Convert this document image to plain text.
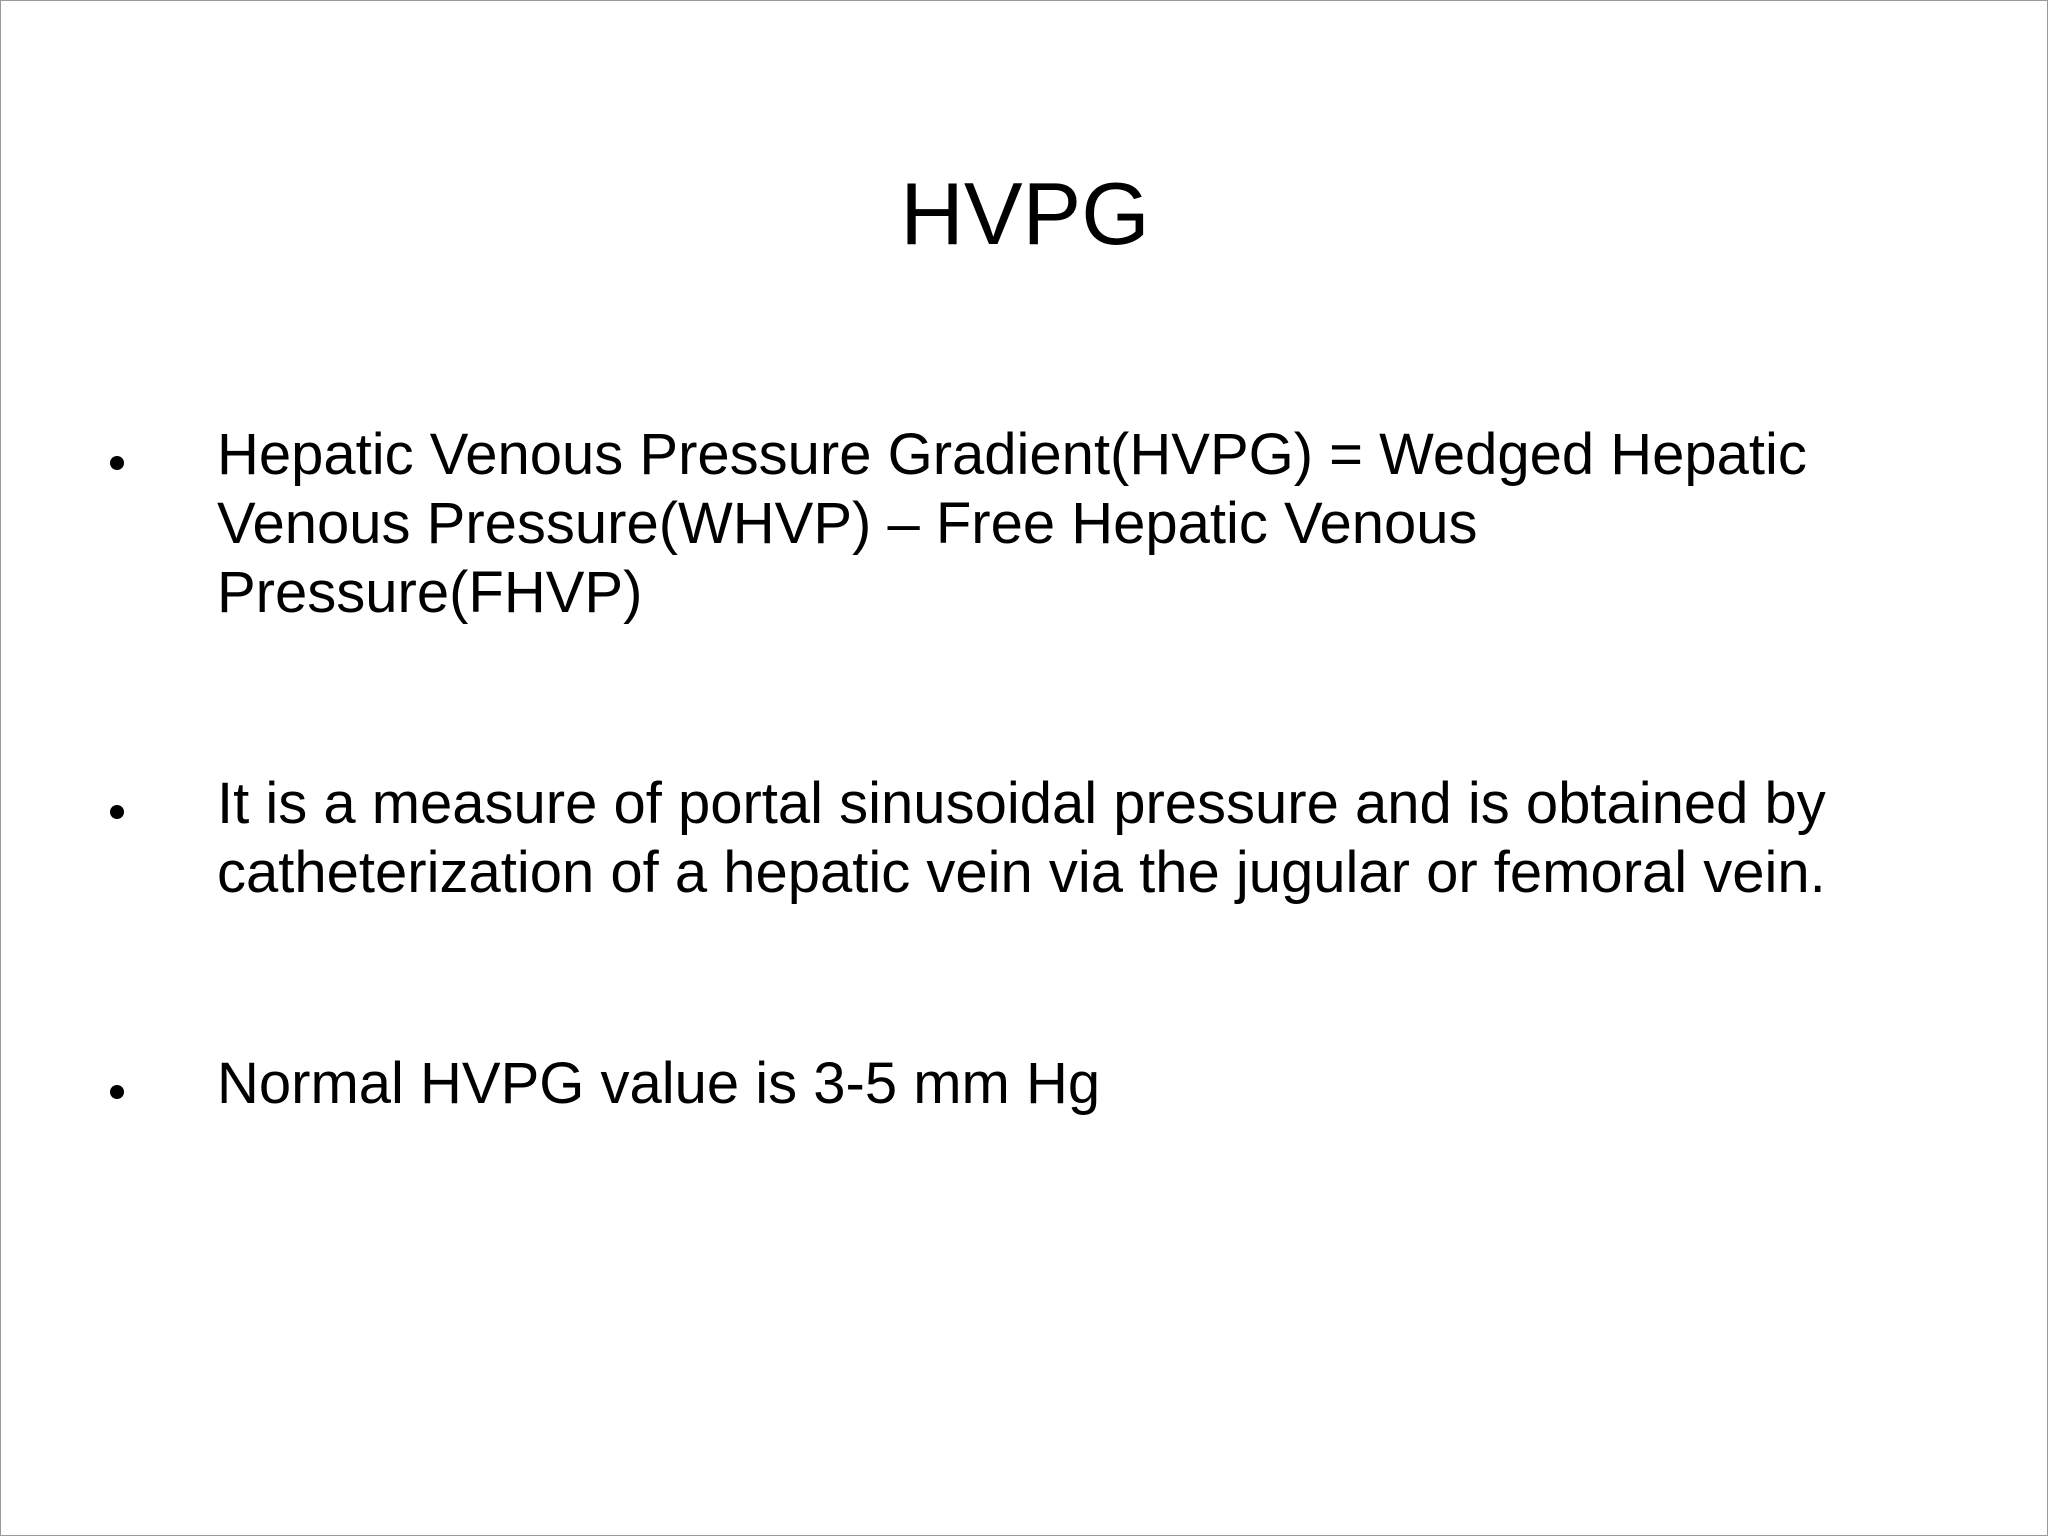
HVPG

Hepatic Venous Pressure Gradient(HVPG) = Wedged Hepatic
Venous Pressure(WHVP) – Free Hepatic Venous
Pressure(FHVP)

It is a measure of portal sinusoidal pressure and is obtained by
catheterization of a hepatic vein via the jugular or femoral vein.

Normal HVPG value is 3-5 mm Hg
